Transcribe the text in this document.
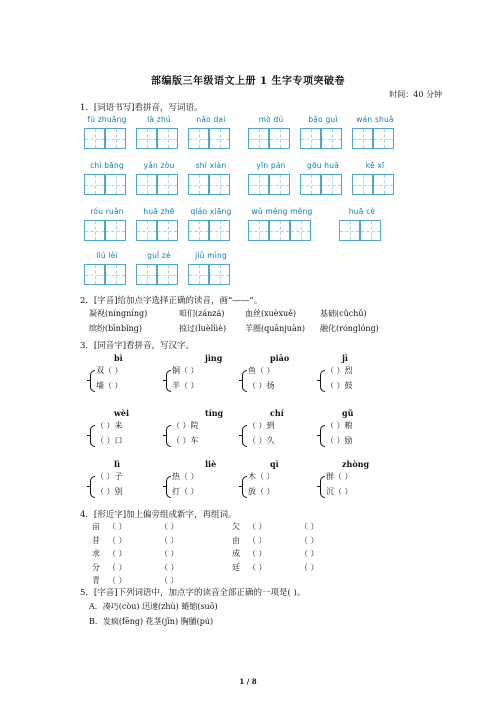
部编版三年级语文上册 1 生字专项突破卷
时间：40 分钟
1．[词语书写]看拼音，写词语。
fú zhuāng	là zhú	nǎo dai	mò dú	bǎo guì	wán shuǎ
chì bǎng	yǎn zòu	shí xiàn	yīn pán	gōu huà	kě xī
róu ruǎn	huā zhē	qiáo xiāng	wǔ méng méng	huā cè
liú lèi	guǐ zé	jiǔ mìng
2．[字音]给加点字选择正确的读音，画“——”。
凝视(níngníng)	咱们(zánzá)	血丝(xuèxuě)	基础(cǔchǔ)
缤纷(bīnbǐng)	掠过(luèlüè) 羊圈(quānjuàn) 融化(rónglóng)
3．[同音字]看拼音，写汉字。
bì
双（ ）
墙（ ）
jìng
铜（ ）
半（ ）
piāo
鱼（ ）
（ ）扬
jī
（ ）烈
（ ）鼓
wèi
（ ）来
（ ）口
tíng
（ ）院
（ ）车
chí
（ ）到
（ ）久
gǔ
（ ）粮
（ ）励
lì
（ ）子
（ ）别
liè
热（ ）
打（ ）
qì
木（ ）
放（ ）
zhòng
群（ ）
沉（ ）
4．[形近字]加上偏旁组成新字，再组词。
亩 （ ）	（ ）	欠 （ ）	（ ）
昔 （ ）	（ ）	由 （ ）	（ ）
求 （ ）	（ ）	成 （ ）	（ ）
分 （ ）	（ ）	廷 （ ）	（ ）
青 （ ）	（ ）
5．[字音]下列词语中，加点字的读音全部正确的一项是( )。
A．凑巧(còu) 迅速(zhù) 蜷缩(suō)
B．发疯(fēng) 花茎(jīn) 胸脯(pú)
1 / 8
